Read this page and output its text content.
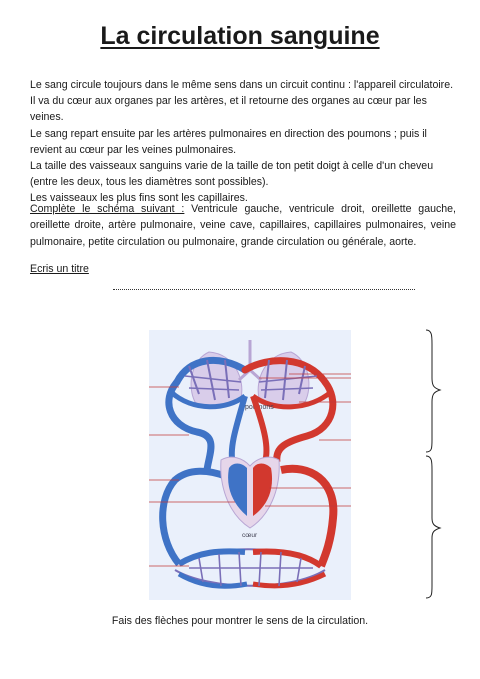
La circulation sanguine

Le sang circule toujours dans le même sens dans un circuit continu : l'appareil circulatoire.

Il va du cœur aux organes par les artères, et il retourne des organes au cœur par les veines.

Le sang repart ensuite par les artères pulmonaires en direction des poumons ; puis il revient au cœur par les veines pulmonaires.

La taille des vaisseaux sanguins varie de la taille de ton petit doigt à celle d'un cheveu (entre les deux, tous les diamètres sont possibles).

Les vaisseaux les plus fins sont les capillaires.

Complète le schéma suivant : Ventricule gauche, ventricule droit, oreillette gauche, oreillette droite, artère pulmonaire, veine cave, capillaires, capillaires pulmonaires, veine pulmonaire, petite circulation ou pulmonaire, grande circulation ou générale, aorte.
Ecris un titre
poumons
cœur
Fais des flèches pour montrer le sens de la circulation.
